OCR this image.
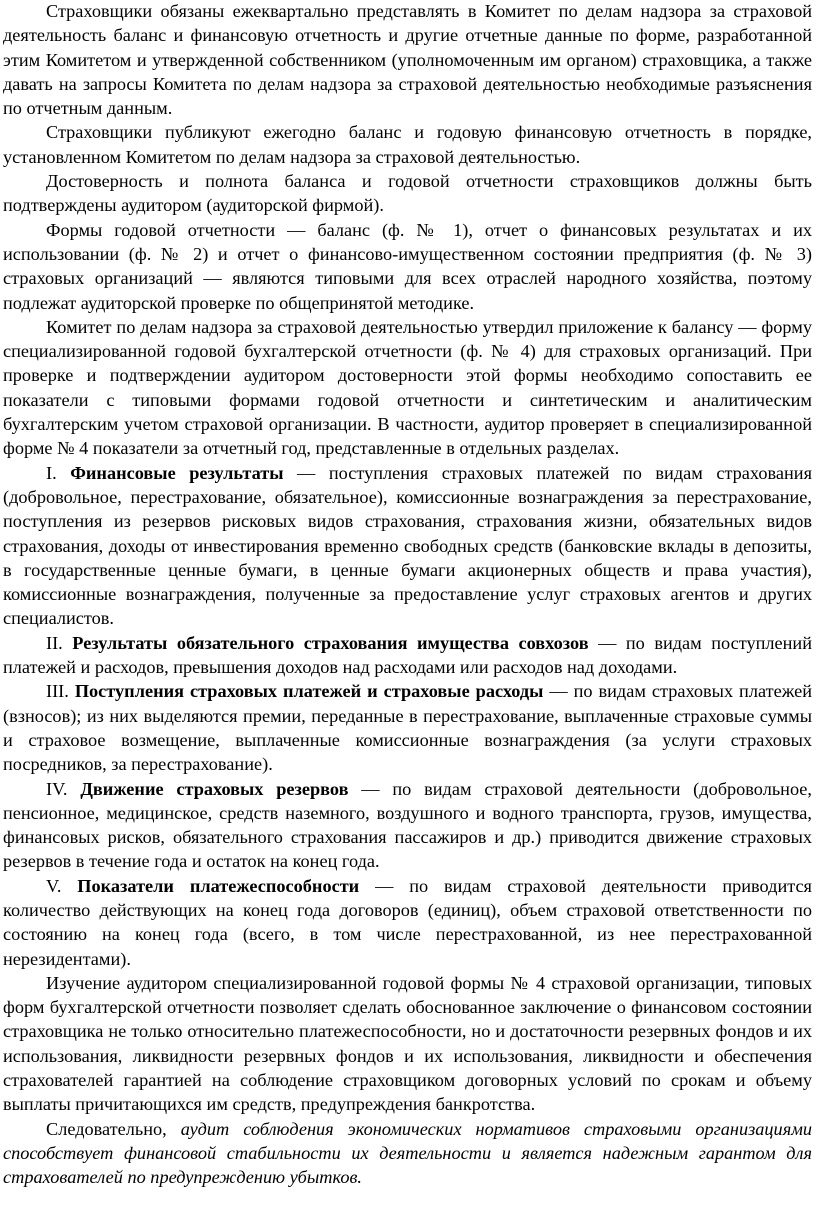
Страховщики обязаны ежеквартально представлять в Комитет по делам надзора за страховой деятельность баланс и финансовую отчетность и другие отчетные данные по форме, разработанной этим Комитетом и утвержденной собственником (уполномоченным им органом) страховщика, а также давать на запросы Комитета по делам надзора за страховой деятельностью необходимые разъяснения по отчетным данным.

Страховщики публикуют ежегодно баланс и годовую финансовую отчетность в порядке, установленном Комитетом по делам надзора за страховой деятельностью.

Достоверность и полнота баланса и годовой отчетности страховщиков должны быть подтверждены аудитором (аудиторской фирмой).

Формы годовой отчетности — баланс (ф. № 1), отчет о финансовых результатах и их использовании (ф. № 2) и отчет о финансово-имущественном состоянии предприятия (ф. № 3) страховых организаций — являются типовыми для всех отраслей народного хозяйства, поэтому подлежат аудиторской проверке по общепринятой методике.

Комитет по делам надзора за страховой деятельностью утвердил приложение к балансу — форму специализированной годовой бухгалтерской отчетности (ф. № 4) для страховых организаций. При проверке и подтверждении аудитором достоверности этой формы необходимо сопоставить ее показатели с типовыми формами годовой отчетности и синтетическим и аналитическим бухгалтерским учетом страховой организации. В частности, аудитор проверяет в специализированной форме № 4 показатели за отчетный год, представленные в отдельных разделах.

I. Финансовые результаты — поступления страховых платежей по видам страхования (добровольное, перестрахование, обязательное), комиссионные вознаграждения за перестрахование, поступления из резервов рисковых видов страхования, страхования жизни, обязательных видов страхования, доходы от инвестирования временно свободных средств (банковские вклады в депозиты, в государственные ценные бумаги, в ценные бумаги акционерных обществ и права участия), комиссионные вознаграждения, полученные за предоставление услуг страховых агентов и других специалистов.

II. Результаты обязательного страхования имущества совхозов — по видам поступлений платежей и расходов, превышения доходов над расходами или расходов над доходами.

III. Поступления страховых платежей и страховые расходы — по видам страховых платежей (взносов); из них выделяются премии, переданные в перестрахование, выплаченные страховые суммы и страховое возмещение, выплаченные комиссионные вознаграждения (за услуги страховых посредников, за перестрахование).

IV. Движение страховых резервов — по видам страховой деятельности (добровольное, пенсионное, медицинское, средств наземного, воздушного и водного транспорта, грузов, имущества, финансовых рисков, обязательного страхования пассажиров и др.) приводится движение страховых резервов в течение года и остаток на конец года.

V. Показатели платежеспособности — по видам страховой деятельности приводится количество действующих на конец года договоров (единиц), объем страховой ответственности по состоянию на конец года (всего, в том числе перестрахованной, из нее перестрахованной нерезидентами).

Изучение аудитором специализированной годовой формы № 4 страховой организации, типовых форм бухгалтерской отчетности позволяет сделать обоснованное заключение о финансовом состоянии страховщика не только относительно платежеспособности, но и достаточности резервных фондов и их использования, ликвидности резервных фондов и их использования, ликвидности и обеспечения страхователей гарантией на соблюдение страховщиком договорных условий по срокам и объему выплаты причитающихся им средств, предупреждения банкротства.

Следовательно, аудит соблюдения экономических нормативов страховыми организациями способствует финансовой стабильности их деятельности и является надежным гарантом для страхователей по предупреждению убытков.
